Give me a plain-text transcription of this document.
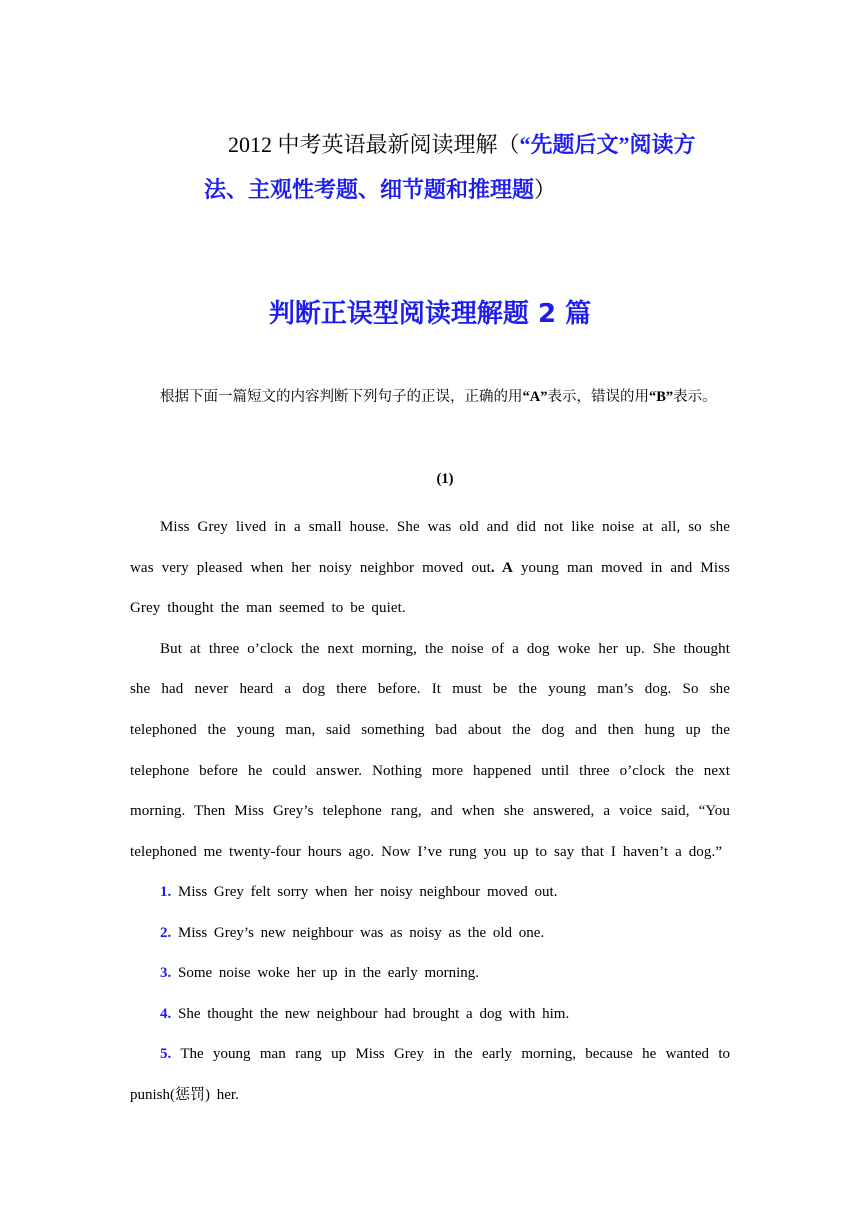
2012 中考英语最新阅读理解（“先题后文”阅读方
法、主观性考题、细节题和推理题）
判断正误型阅读理解题 2 篇
根据下面一篇短文的内容判断下列句子的正误，正确的用“A”表示，错误的用“B”表示。
(1)

Miss Grey lived in a small house. She was old and did not like noise at all, so she was very pleased when her noisy neighbor moved out. A young man moved in and Miss Grey thought the man seemed to be quiet.

But at three o’clock the next morning, the noise of a dog woke her up. She thought she had never heard a dog there before. It must be the young man’s dog. So she telephoned the young man, said something bad about the dog and then hung up the telephone before he could answer. Nothing more happened until three o’clock the next morning. Then Miss Grey’s telephone rang, and when she answered, a voice said, “You telephoned me twenty-four hours ago. Now I’ve rung you up to say that I haven’t a dog.”

1. Miss Grey felt sorry when her noisy neighbour moved out.
2. Miss Grey’s new neighbour was as noisy as the old one.
3. Some noise woke her up in the early morning.
4. She thought the new neighbour had brought a dog with him.
5. The young man rang up Miss Grey in the early morning, because he wanted to punish(惩罚) her.
